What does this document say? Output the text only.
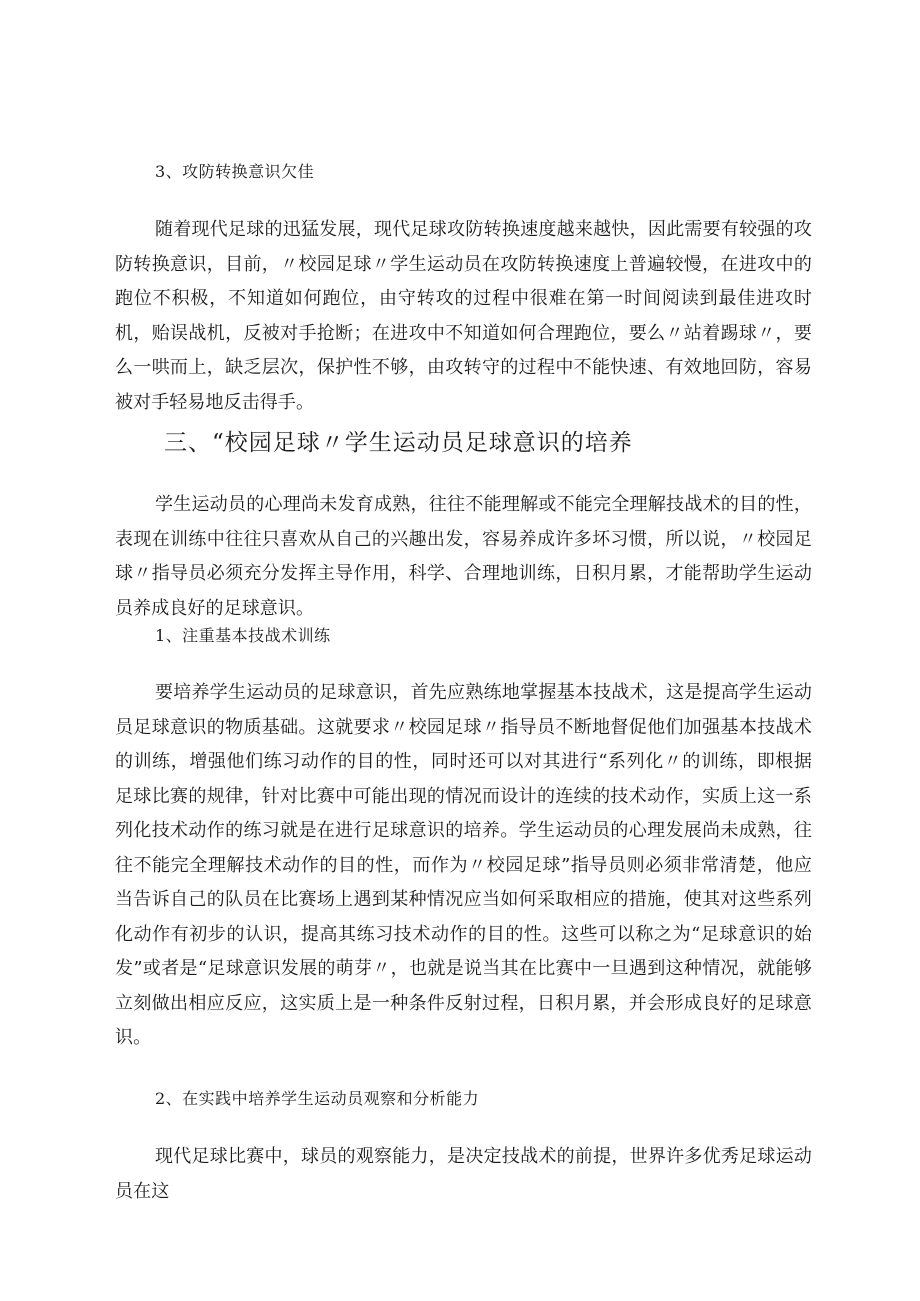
3、攻防转换意识欠佳

随着现代足球的迅猛发展，现代足球攻防转换速度越来越快，因此需要有较强的攻防转换意识，目前，〃校园足球〃学生运动员在攻防转换速度上普遍较慢，在进攻中的跑位不积极，不知道如何跑位，由守转攻的过程中很难在第一时间阅读到最佳进攻时机，贻误战机，反被对手抢断；在进攻中不知道如何合理跑位，要么〃站着踢球〃，要么一哄而上，缺乏层次，保护性不够，由攻转守的过程中不能快速、有效地回防，容易被对手轻易地反击得手。

三、“校园足球〃学生运动员足球意识的培养

学生运动员的心理尚未发育成熟，往往不能理解或不能完全理解技战术的目的性，表现在训练中往往只喜欢从自己的兴趣出发，容易养成许多坏习惯，所以说，〃校园足球〃指导员必须充分发挥主导作用，科学、合理地训练，日积月累，才能帮助学生运动员养成良好的足球意识。

1、注重基本技战术训练

要培养学生运动员的足球意识，首先应熟练地掌握基本技战术，这是提高学生运动员足球意识的物质基础。这就要求〃校园足球〃指导员不断地督促他们加强基本技战术的训练，增强他们练习动作的目的性，同时还可以对其进行“系列化〃的训练，即根据足球比赛的规律，针对比赛中可能出现的情况而设计的连续的技术动作，实质上这一系列化技术动作的练习就是在进行足球意识的培养。学生运动员的心理发展尚未成熟，往往不能完全理解技术动作的目的性，而作为〃校园足球”指导员则必须非常清楚，他应当告诉自己的队员在比赛场上遇到某种情况应当如何采取相应的措施，使其对这些系列化动作有初步的认识，提高其练习技术动作的目的性。这些可以称之为“足球意识的始发”或者是“足球意识发展的萌芽〃，也就是说当其在比赛中一旦遇到这种情况，就能够立刻做出相应反应，这实质上是一种条件反射过程，日积月累，并会形成良好的足球意识。

2、在实践中培养学生运动员观察和分析能力

现代足球比赛中，球员的观察能力，是决定技战术的前提，世界许多优秀足球运动员在这
